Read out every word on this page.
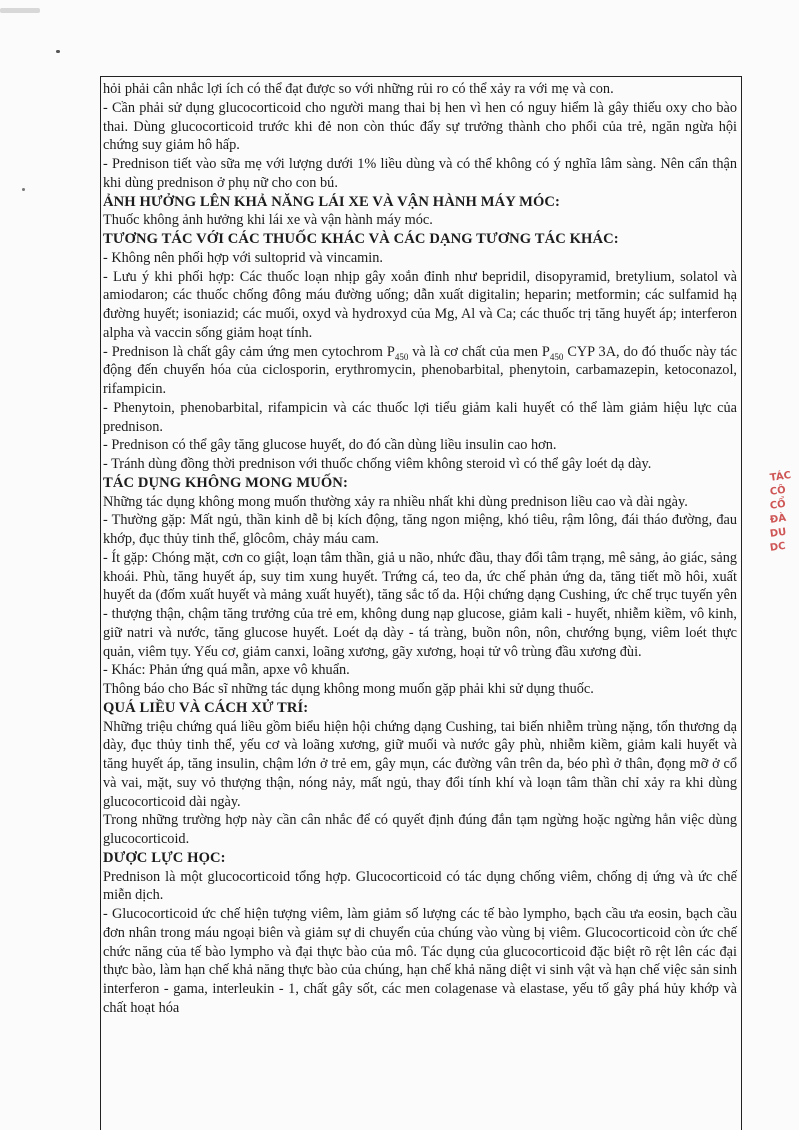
hỏi phải cân nhắc lợi ích có thể đạt được so với những rủi ro có thể xảy ra với mẹ và con.

- Cần phải sử dụng glucocorticoid cho người mang thai bị hen vì hen có nguy hiểm là gây thiếu oxy cho bào thai. Dùng glucocorticoid trước khi đẻ non còn thúc đẩy sự trưởng thành cho phổi của trẻ, ngăn ngừa hội chứng suy giảm hô hấp.

- Prednison tiết vào sữa mẹ với lượng dưới 1% liều dùng và có thể không có ý nghĩa lâm sàng. Nên cẩn thận khi dùng prednison ở phụ nữ cho con bú.

ẢNH HƯỞNG LÊN KHẢ NĂNG LÁI XE VÀ VẬN HÀNH MÁY MÓC:

Thuốc không ảnh hưởng khi lái xe và vận hành máy móc.

TƯƠNG TÁC VỚI CÁC THUỐC KHÁC VÀ CÁC DẠNG TƯƠNG TÁC KHÁC:

- Không nên phối hợp với sultoprid và vincamin.

- Lưu ý khi phối hợp: Các thuốc loạn nhịp gây xoắn đỉnh như bepridil, disopyramid, bretylium, solatol và amiodaron; các thuốc chống đông máu đường uống; dẫn xuất digitalin; heparin; metformin; các sulfamid hạ đường huyết; isoniazid; các muối, oxyd và hydroxyd của Mg, Al và Ca; các thuốc trị tăng huyết áp; interferon alpha và vaccin sống giảm hoạt tính.

- Prednison là chất gây cảm ứng men cytochrom $P_{450}$ và là cơ chất của men $P_{450}$ CYP 3A, do đó thuốc này tác động đến chuyển hóa của ciclosporin, erythromycin, phenobarbital, phenytoin, carbamazepin, ketoconazol, rifampicin.

- Phenytoin, phenobarbital, rifampicin và các thuốc lợi tiểu giảm kali huyết có thể làm giảm hiệu lực của prednison.

- Prednison có thể gây tăng glucose huyết, do đó cần dùng liều insulin cao hơn.

- Tránh dùng đồng thời prednison với thuốc chống viêm không steroid vì có thể gây loét dạ dày.

TÁC DỤNG KHÔNG MONG MUỐN:

Những tác dụng không mong muốn thường xảy ra nhiều nhất khi dùng prednison liều cao và dài ngày.

- Thường gặp: Mất ngủ, thần kinh dễ bị kích động, tăng ngon miệng, khó tiêu, rậm lông, đái tháo đường, đau khớp, đục thủy tinh thể, glôcôm, chảy máu cam.

- Ít gặp: Chóng mặt, cơn co giật, loạn tâm thần, giả u não, nhức đầu, thay đổi tâm trạng, mê sảng, ảo giác, sảng khoái. Phù, tăng huyết áp, suy tim xung huyết. Trứng cá, teo da, ức chế phản ứng da, tăng tiết mồ hôi, xuất huyết da (đốm xuất huyết và mảng xuất huyết), tăng sắc tố da. Hội chứng dạng Cushing, ức chế trục tuyến yên - thượng thận, chậm tăng trưởng của trẻ em, không dung nạp glucose, giảm kali - huyết, nhiễm kiềm, vô kinh, giữ natri và nước, tăng glucose huyết. Loét dạ dày - tá tràng, buồn nôn, nôn, chướng bụng, viêm loét thực quản, viêm tụy. Yếu cơ, giảm canxi, loãng xương, gãy xương, hoại tử vô trùng đầu xương đùi.

- Khác: Phản ứng quá mẫn, apxe vô khuẩn.

Thông báo cho Bác sĩ những tác dụng không mong muốn gặp phải khi sử dụng thuốc.

QUÁ LIỀU VÀ CÁCH XỬ TRÍ:

Những triệu chứng quá liều gồm biểu hiện hội chứng dạng Cushing, tai biến nhiễm trùng nặng, tổn thương dạ dày, đục thủy tinh thể, yếu cơ và loãng xương, giữ muối và nước gây phù, nhiễm kiềm, giảm kali huyết và tăng huyết áp, tăng insulin, chậm lớn ở trẻ em, gây mụn, các đường vân trên da, béo phì ở thân, đọng mỡ ở cổ và vai, mặt, suy vỏ thượng thận, nóng nảy, mất ngủ, thay đổi tính khí và loạn tâm thần chỉ xảy ra khi dùng glucocorticoid dài ngày.

Trong những trường hợp này cần cân nhắc để có quyết định đúng đắn tạm ngừng hoặc ngừng hẳn việc dùng glucocorticoid.

DƯỢC LỰC HỌC:

Prednison là một glucocorticoid tổng hợp. Glucocorticoid có tác dụng chống viêm, chống dị ứng và ức chế miễn dịch.

- Glucocorticoid ức chế hiện tượng viêm, làm giảm số lượng các tế bào lympho, bạch cầu ưa eosin, bạch cầu đơn nhân trong máu ngoại biên và giảm sự di chuyển của chúng vào vùng bị viêm. Glucocorticoid còn ức chế chức năng của tế bào lympho và đại thực bào của mô. Tác dụng của glucocorticoid đặc biệt rõ rệt lên các đại thực bào, làm hạn chế khả năng thực bào của chúng, hạn chế khả năng diệt vi sinh vật và hạn chế việc sản sinh interferon - gama, interleukin - 1, chất gây sốt, các men colagenase và elastase, yếu tố gây phá hủy khớp và chất hoạt hóa

TÁC
CÔ
CỔ
ĐÀ
DU
DC
